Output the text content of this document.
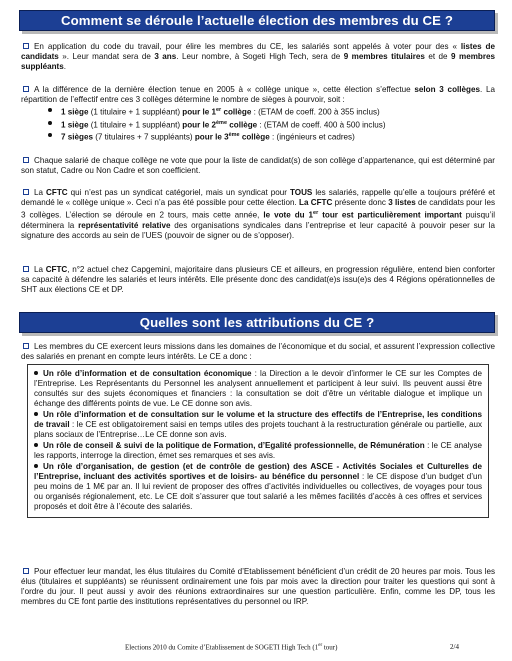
Comment se déroule l’actuelle élection des membres du CE ?
En application du code du travail, pour élire les membres du CE, les salariés sont appelés à voter pour des « listes de candidats ». Leur mandat sera de 3 ans. Leur nombre, à Sogeti High Tech, sera de 9 membres titulaires et de 9 membres suppléants.

A la différence de la dernière élection tenue en 2005 à « collège unique », cette élection s’effectue selon 3 collèges. La répartition de l’effectif entre ces 3 collèges détermine le nombre de sièges à pourvoir, soit :

1 siège (1 titulaire + 1 suppléant) pour le 1er collège : (ETAM de coeff. 200 à 355 inclus)
1 siège (1 titulaire + 1 suppléant) pour le 2ème collège : (ETAM de coeff. 400 à 500 inclus)
7 sièges (7 titulaires + 7 suppléants) pour le 3ème collège : (ingénieurs et cadres)
Chaque salarié de chaque collège ne vote que pour la liste de candidat(s) de son collège d’appartenance, qui est déterminé par son statut, Cadre ou Non Cadre et son coefficient.
La CFTC qui n’est pas un syndicat catégoriel, mais un syndicat pour TOUS les salariés, rappelle qu’elle a toujours préféré et demandé le « collège unique ». Ceci n’a pas été possible pour cette élection. La CFTC présente donc 3 listes de candidats pour les 3 collèges. L’élection se déroule en 2 tours, mais cette année, le vote du 1er tour est particulièrement important puisqu’il déterminera la représentativité relative des organisations syndicales dans l’entreprise et leur capacité à pouvoir peser sur la signature des accords au sein de l’UES (pouvoir de signer ou de s’opposer).
La CFTC, n°2 actuel chez Capgemini, majoritaire dans plusieurs CE et ailleurs, en progression régulière, entend bien conforter sa capacité à défendre les salariés et leurs intérêts. Elle présente donc des candidat(e)s issu(e)s des 4 Régions opérationnelles de SHT aux élections CE et DP.
Quelles sont les attributions du CE ?
Les membres du CE exercent leurs missions dans les domaines de l’économique et du social, et assurent l’expression collective des salariés en prenant en compte leurs intérêts. Le CE a donc :

Un rôle d’information et de consultation économique : la Direction a le devoir d’informer le CE sur les Comptes de l’Entreprise. Les Représentants du Personnel les analysent annuellement et participent à leur suivi. Ils peuvent aussi être consultés sur des sujets économiques et financiers : la consultation se doit d’être un véritable dialogue et implique un échange des différents points de vue. Le CE donne son avis.

Un rôle d’information et de consultation sur le volume et la structure des effectifs de l’Entreprise, les conditions de travail : le CE est obligatoirement saisi en temps utiles des projets touchant à la restructuration générale ou partielle, aux plans sociaux de l’Entreprise…Le CE donne son avis.

Un rôle de conseil & suivi de la politique de Formation, d’Egalité professionnelle, de Rémunération : le CE analyse les rapports, interroge la direction, émet ses remarques et ses avis.

Un rôle d’organisation, de gestion (et de contrôle de gestion) des ASCE - Activités Sociales et Culturelles de l’Entreprise, incluant des activités sportives et de loisirs- au bénéfice du personnel : le CE dispose d’un budget d’un peu moins de 1 M€ par an. Il lui revient de proposer des offres d’activités individuelles ou collectives, de voyages pour tous ou organisés régionalement, etc. Le CE doit s’assurer que tout salarié a les mêmes facilités d’accès à ces offres et services proposés et doit être à l’écoute des salariés.

Pour effectuer leur mandat, les élus titulaires du Comité d’Etablissement bénéficient d’un crédit de 20 heures par mois. Tous les élus (titulaires et suppléants) se réunissent ordinairement une fois par mois avec la direction pour traiter les questions qui sont à l’ordre du jour. Il peut aussi y avoir des réunions extraordinaires sur une question particulière. Enfin, comme les DP, tous les membres du CE font partie des institutions représentatives du personnel ou IRP.
Elections 2010 du Comite d’Etablissement de SOGETI High Tech (1er tour)	2/4
